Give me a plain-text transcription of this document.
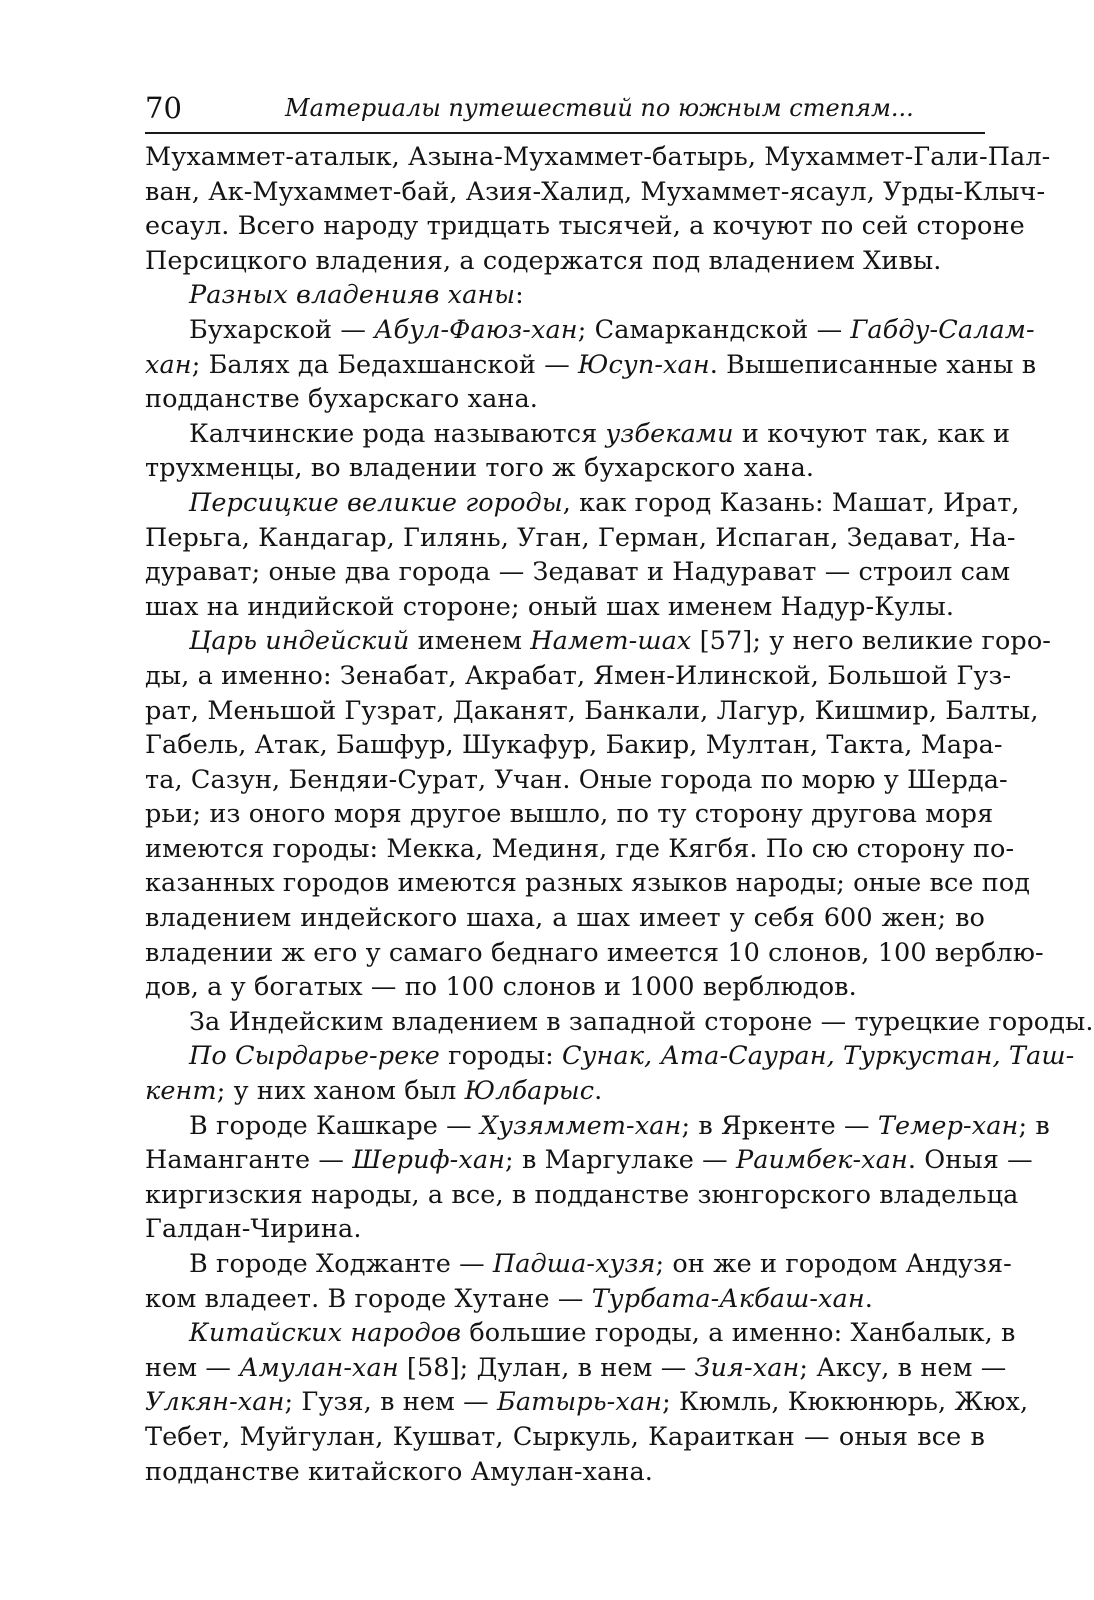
70	Материалы путешествий по южным степям...

Мухаммет-аталык, Азына-Мухаммет-батырь, Мухаммет-Гали-Пал-
ван, Ак-Мухаммет-бай, Азия-Халид, Мухаммет-ясаул, Урды-Клыч-
есаул. Всего народу тридцать тысячей, а кочуют по сей стороне
Персицкого владения, а содержатся под владением Хивы.

Разных владенияв ханы:

Бухарской — Абул-Фаюз-хан; Самаркандской — Габду-Салам-
хан; Балях да Бедахшанской — Юсуп-хан. Вышеписанные ханы в
подданстве бухарскаго хана.

Калчинские рода называются узбеками и кочуют так, как и
трухменцы, во владении того ж бухарского хана.

Персицкие великие городы, как город Казань: Машат, Ират,
Перьга, Кандагар, Гилянь, Уган, Герман, Испаган, Зедават, На-
дурават; оные два города — Зедават и Надурават — строил сам
шах на индийской стороне; оный шах именем Надур-Кулы.

Царь индейский именем Намет-шах [57]; у него великие горо-
ды, а именно: Зенабат, Акрабат, Ямен-Илинской, Большой Гуз-
рат, Меньшой Гузрат, Даканят, Банкали, Лагур, Кишмир, Балты,
Габель, Атак, Башфур, Шукафур, Бакир, Мултан, Такта, Мара-
та, Сазун, Бендяи-Сурат, Учан. Оные города по морю у Шерда-
рьи; из оного моря другое вышло, по ту сторону другова моря
имеются городы: Мекка, Мединя, где Кягбя. По сю сторону по-
казанных городов имеются разных языков народы; оные все под
владением индейского шаха, а шах имеет у себя 600 жен; во
владении ж его у самаго беднаго имеется 10 слонов, 100 верблю-
дов, а у богатых — по 100 слонов и 1000 верблюдов.

За Индейским владением в западной стороне — турецкие городы.

По Сырдарье-реке городы: Сунак, Ата-Сауран, Туркустан, Таш-
кент; у них ханом был Юлбарыс.

В городе Кашкаре — Хузяммет-хан; в Яркенте — Темер-хан; в
Наманганте — Шериф-хан; в Маргулаке — Раимбек-хан. Оныя —
киргизския народы, а все, в подданстве зюнгорского владельца
Галдан-Чирина.

В городе Ходжанте — Падша-хузя; он же и городом Андузя-
ком владеет. В городе Хутане — Турбата-Акбаш-хан.

Китайских народов большие городы, а именно: Ханбалык, в
нем — Амулан-хан [58]; Дулан, в нем — Зия-хан; Аксу, в нем —
Улкян-хан; Гузя, в нем — Батырь-хан; Кюмль, Кюкюнюрь, Жюх,
Тебет, Муйгулан, Кушват, Сыркуль, Караиткан — оныя все в
подданстве китайского Амулан-хана.
